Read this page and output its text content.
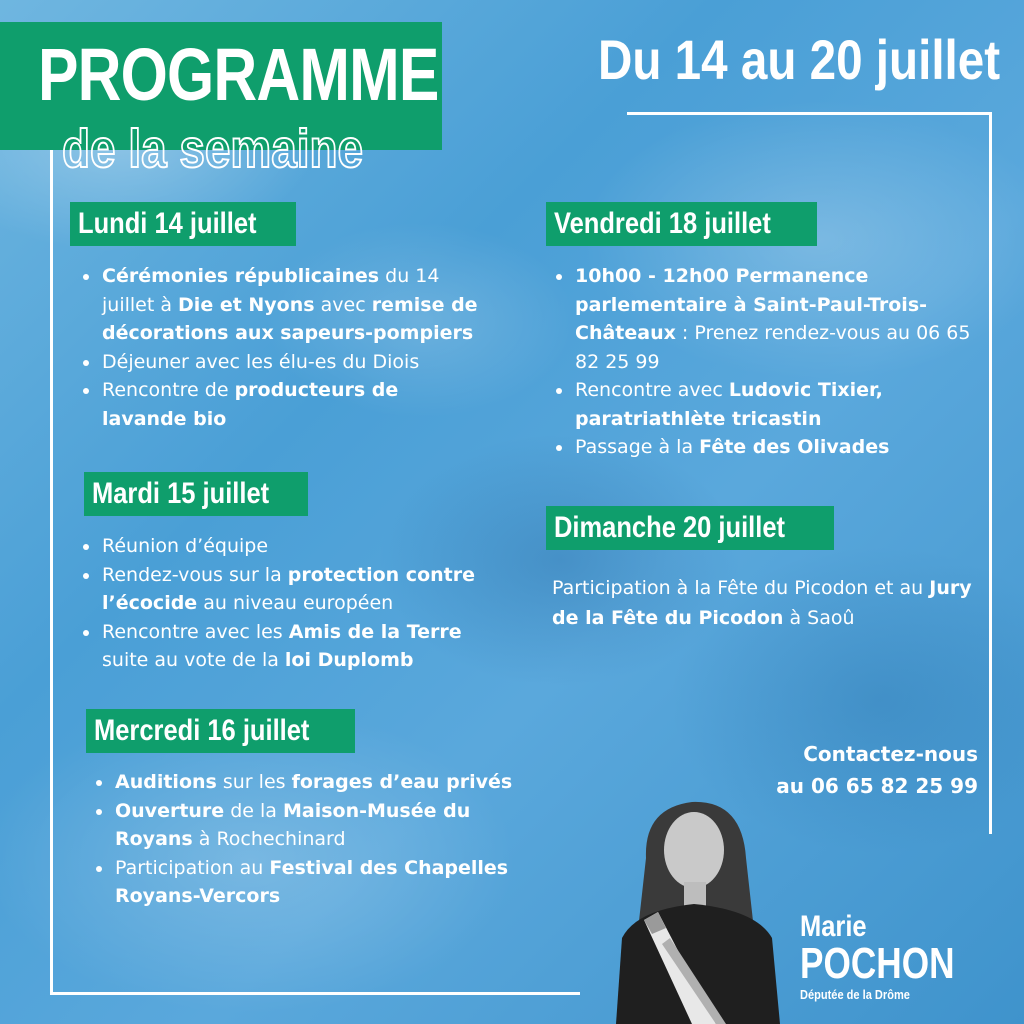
PROGRAMME
de la semaine
Du 14 au 20 juillet
Lundi 14 juillet
Cérémonies républicaines du 14 juillet à Die et Nyons avec remise de décorations aux sapeurs-pompiers
Déjeuner avec les élu-es du Diois
Rencontre de producteurs de lavande bio
Mardi 15 juillet
Réunion d’équipe
Rendez-vous sur la protection contre l’écocide au niveau européen
Rencontre avec les Amis de la Terre suite au vote de la loi Duplomb
Mercredi 16 juillet
Auditions sur les forages d’eau privés
Ouverture de la Maison-Musée du Royans à Rochechinard
Participation au Festival des Chapelles Royans-Vercors
Vendredi 18 juillet
10h00 - 12h00 Permanence parlementaire à Saint-Paul-Trois-Châteaux : Prenez rendez-vous au 06 65 82 25 99
Rencontre avec Ludovic Tixier, paratriathlète tricastin
Passage à la Fête des Olivades
Dimanche 20 juillet

Participation à la Fête du Picodon et au Jury de la Fête du Picodon à Saoû

Contactez-nous
au 06 65 82 25 99
Marie
POCHON
Députée de la Drôme
